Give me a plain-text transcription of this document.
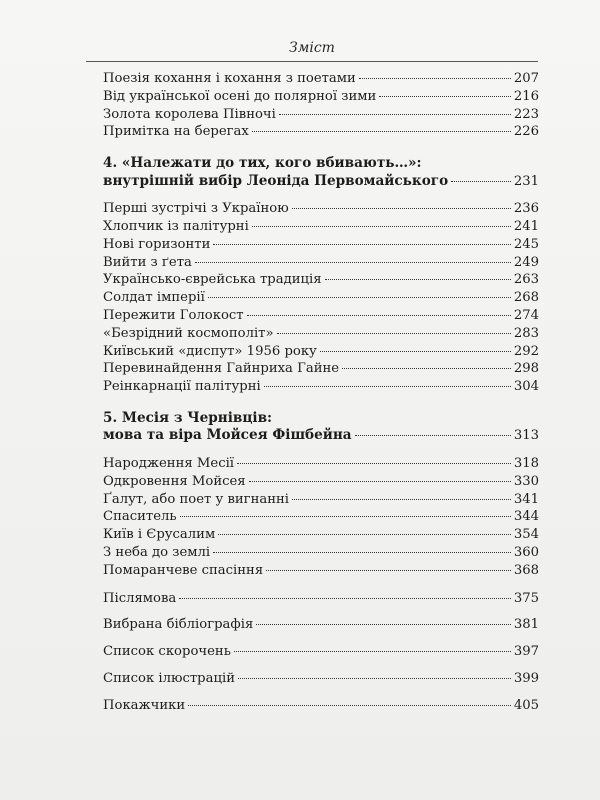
Зміст
Поезія кохання і кохання з поетами	207
Від української осені до полярної зими	216
Золота королева Півночі	223
Примітка на берегах	226
4. «Належати до тих, кого вбивають…»:
внутрішній вибір Леоніда Первомайського	231
Перші зустрічі з Україною	236
Хлопчик із палітурні	241
Нові горизонти	245
Вийти з ґета	249
Українсько-єврейська традиція	263
Солдат імперії	268
Пережити Голокост	274
«Безрідний космополіт»	283
Київський «диспут» 1956 року	292
Перевинайдення Гайнриха Гайне	298
Реінкарнації палітурні	304
5. Месія з Чернівців:
мова та віра Мойсея Фішбейна	313
Народження Месії	318
Одкровення Мойсея	330
Ґалут, або поет у вигнанні	341
Спаситель	344
Київ і Єрусалим	354
З неба до землі	360
Помаранчеве спасіння	368
Післямова	375
Вибрана бібліографія	381
Список скорочень	397
Список ілюстрацій	399
Покажчики	405
